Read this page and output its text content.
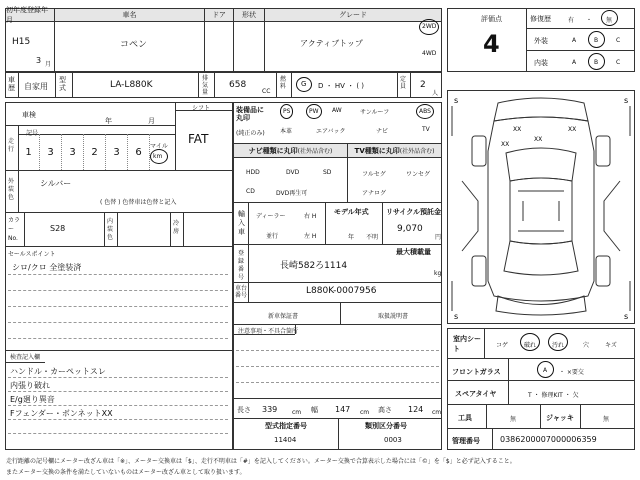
初年度登録年月
車名	ドア	形状	グレード
H15
3 月
コペン	アクティブトップ
2WD
4WD
車歴	自家用
型式	LA-L880K
排気量
658
CC
燃料	G D ・ HV ・ ( )
定員 2
人
評価点
4
修復歴	有 ・ 無
外装	A	B	C
内装	A	B	C
車検
年	月
シフト
走行
記号
1	3	3	2	3	6	マイル
km
FAT
外装色
シルバー
( 色替 ) 色替車は色替と記入
カラーNo.
S28
内装色
冷房
セールスポイント
シロ/クロ 全塗装済
検査記入欄
ハンドル・カーペットスレ
内張り破れ
E/g廻り異音
Fフェンダー・ボンネットXX
装備品に丸印
(純正のみ)
PS	PW	AW	サンルーフ	ABS
本革	エアバック	ナビ	TV
ナビ種類に丸印 (社外品含む)	TV種類に丸印 (社外品含む)
HDD	DVD	SD
CD	DVD再生可
フルセグ	ワンセグ
アナログ
輸入車
ディーラー
並行
右 H
左 H
モデル年式
年 不明
リサイクル預託金
9,070
円
最大積載量
kg
登録番号
長崎582ろ1114
車台番号	L880K-0007956
新車保証書	取扱説明書
注意事項・不具合箇所
長さ 339 cm 幅 147 cm 高さ 124 cm
型式指定番号
11404
類別区分番号
0003
XX	XX
XX
XX
s	s
s	s
室内シート	コゲ	破れ	汚れ	穴	キズ
フロントガラス	A ・ ×要交
スペアタイヤ	T ・ 修理KIT ・ 欠
工具	無	ジャッキ	無
管理番号	0386200007000006359
走行距離の記号欄にメーター改ざん車は「※」、メーター交換車は「$」、走行不明車は「#」を記入してください。メーター交換で合算表示した場合には「©」を「$」と必ず記入すること。
またメーター交換の条件を満たしていないものはメーター改ざん車として取り扱います。
